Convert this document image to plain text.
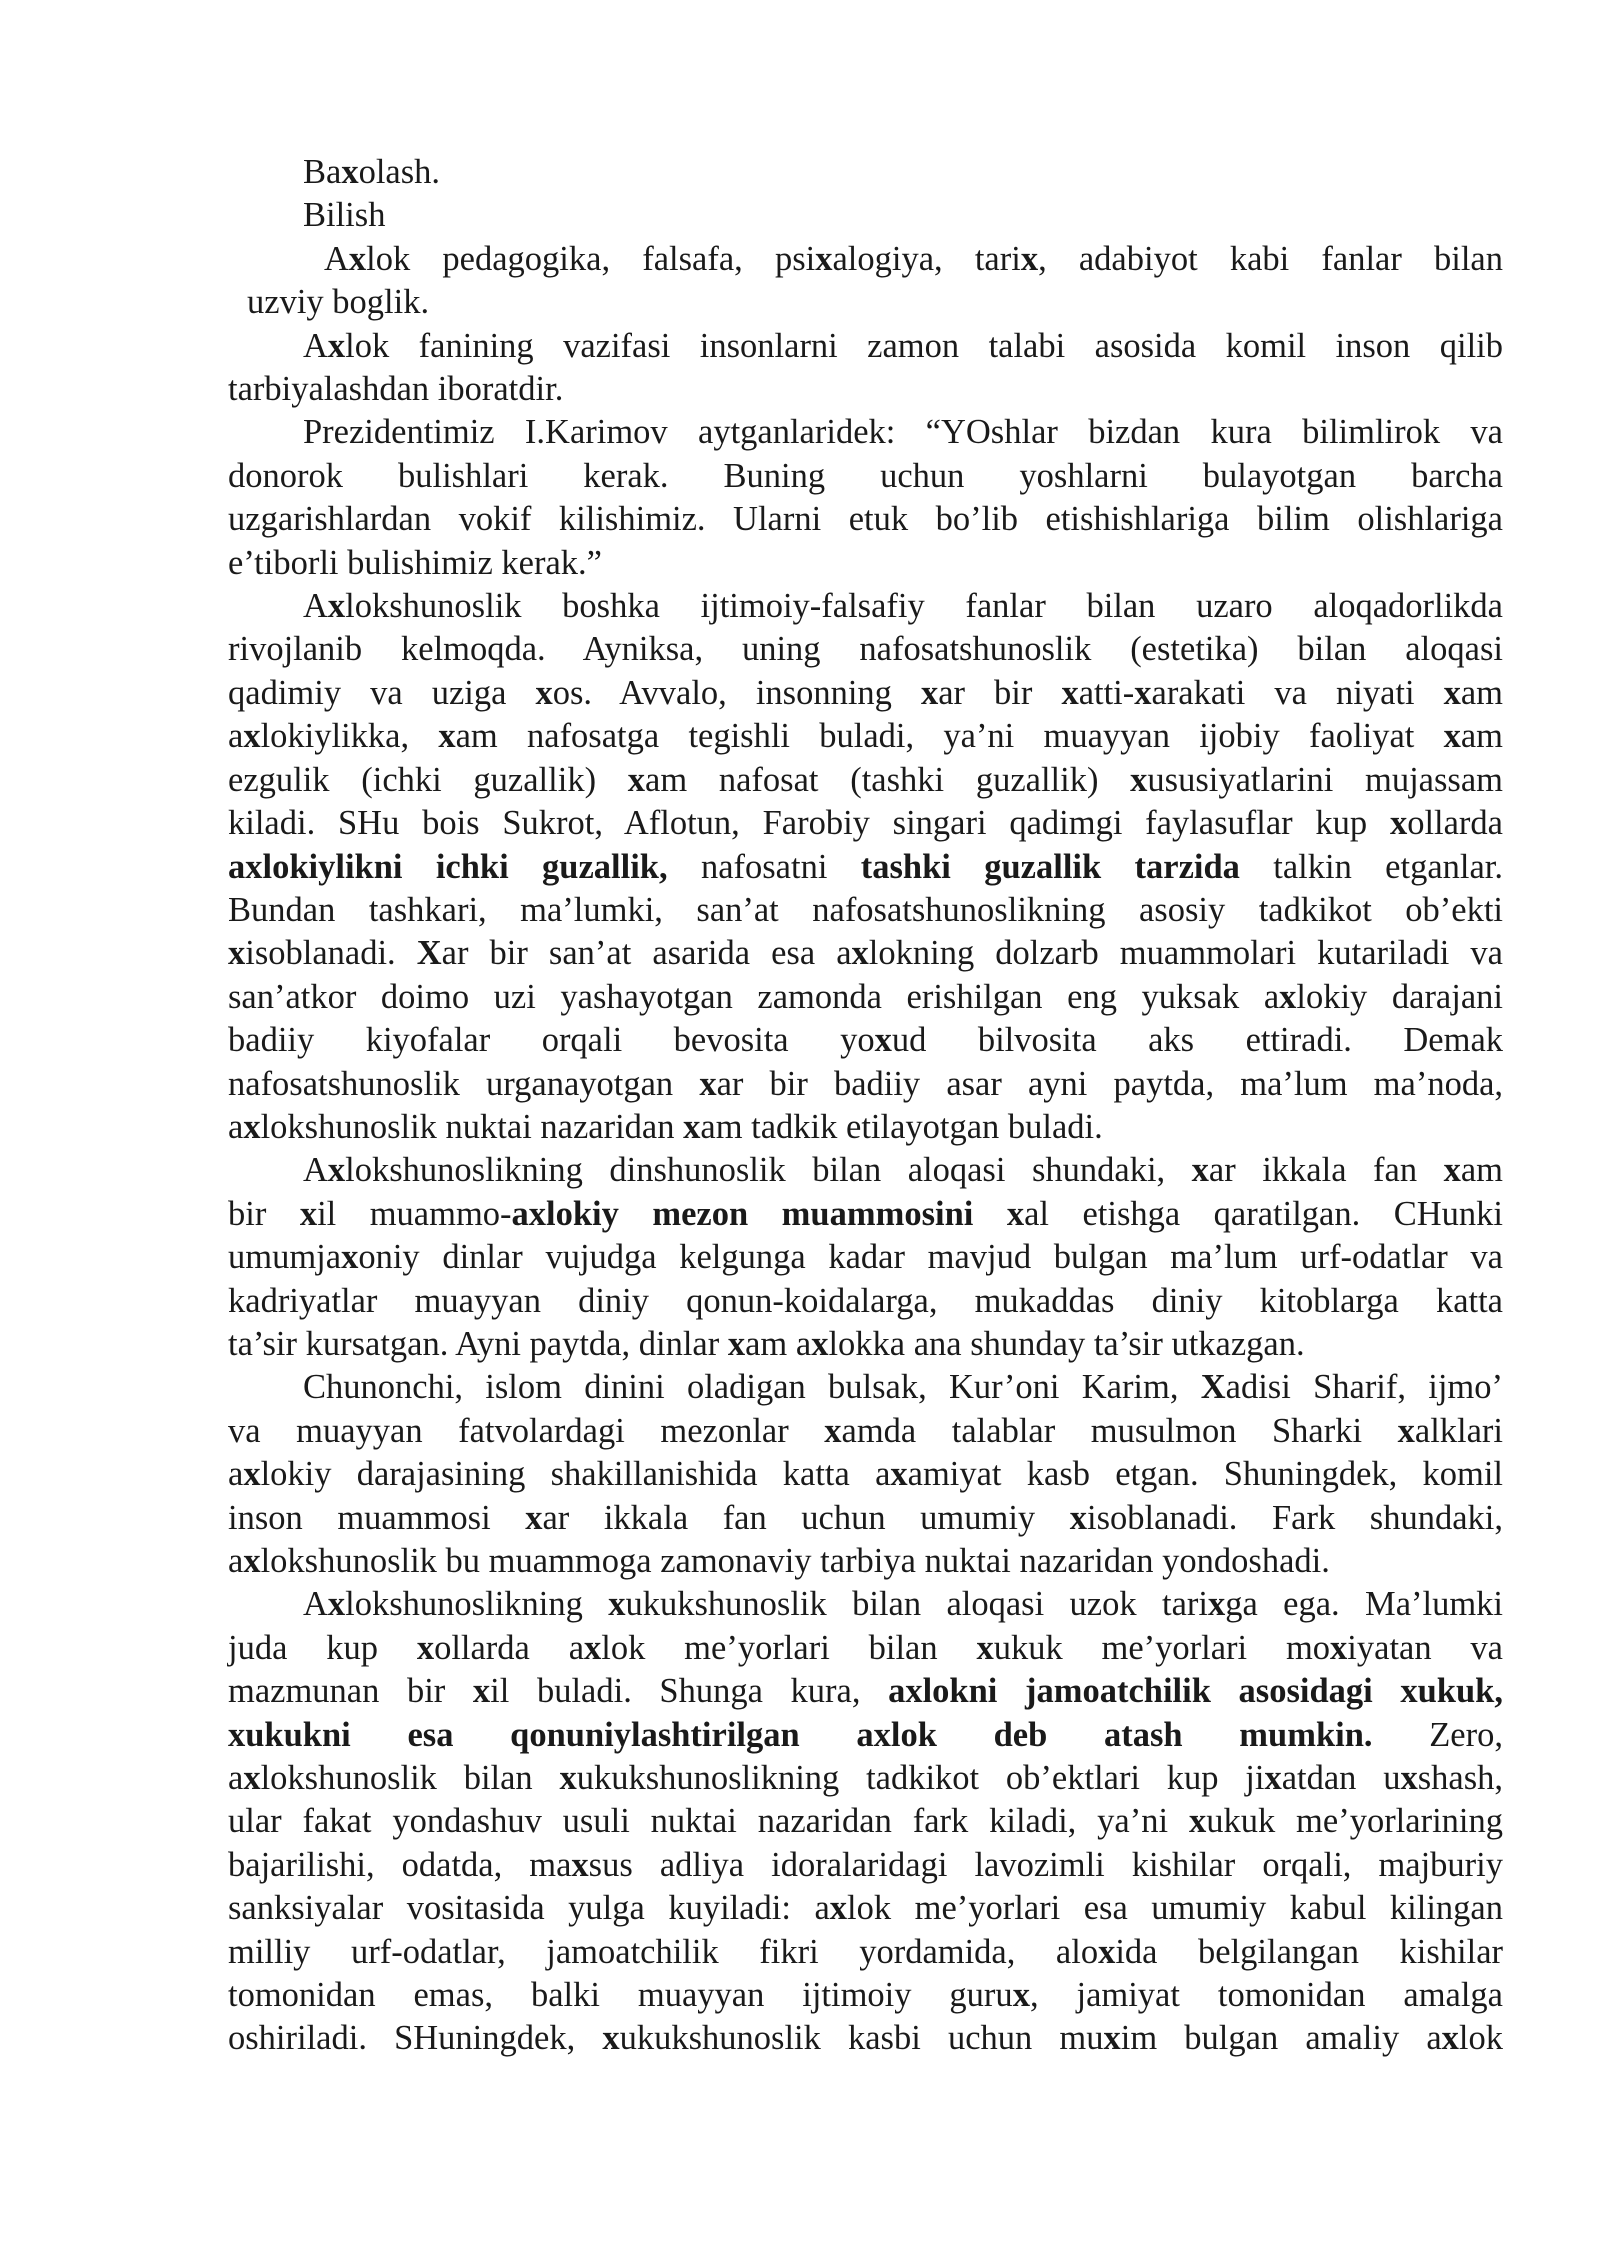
Baxolash.
Bilish
Axlok pedagogika, falsafa, psixalogiya, tarix, adabiyot kabi fanlar bilan
uzviy boglik.
Axlok fanining vazifasi insonlarni zamon talabi asosida komil inson qilib
tarbiyalashdan iboratdir.
Prezidentimiz I.Karimov aytganlaridek: “YOshlar bizdan kura bilimlirok va
donorok bulishlari kerak. Buning uchun yoshlarni bulayotgan barcha
uzgarishlardan vokif kilishimiz. Ularni etuk bo’lib etishishlariga bilim olishlariga
e’tiborli bulishimiz kerak.”
Axlokshunoslik boshka ijtimoiy-falsafiy fanlar bilan uzaro aloqadorlikda
rivojlanib kelmoqda. Ayniksa, uning nafosatshunoslik (estetika) bilan aloqasi
qadimiy va uziga xos. Avvalo, insonning xar bir xatti-xarakati va niyati xam
axlokiylikka, xam nafosatga tegishli buladi, ya’ni muayyan ijobiy faoliyat xam
ezgulik (ichki guzallik) xam nafosat (tashki guzallik) xususiyatlarini mujassam
kiladi. SHu bois Sukrot, Aflotun, Farobiy singari qadimgi faylasuflar kup xollarda
axlokiylikni ichki guzallik, nafosatni tashki guzallik tarzida talkin etganlar.
Bundan tashkari, ma’lumki, san’at nafosatshunoslikning asosiy tadkikot ob’ekti
xisoblanadi. Xar bir san’at asarida esa axlokning dolzarb muammolari kutariladi va
san’atkor doimo uzi yashayotgan zamonda erishilgan eng yuksak axlokiy darajani
badiiy kiyofalar orqali bevosita yoxud bilvosita aks ettiradi. Demak
nafosatshunoslik urganayotgan xar bir badiiy asar ayni paytda, ma’lum ma’noda,
axlokshunoslik nuktai nazaridan xam tadkik etilayotgan buladi.
Axlokshunoslikning dinshunoslik bilan aloqasi shundaki, xar ikkala fan xam
bir xil muammo-axlokiy mezon muammosini xal etishga qaratilgan. CHunki
umumjaxoniy dinlar vujudga kelgunga kadar mavjud bulgan ma’lum urf-odatlar va
kadriyatlar muayyan diniy qonun-koidalarga, mukaddas diniy kitoblarga katta
ta’sir kursatgan. Ayni paytda, dinlar xam axlokka ana shunday ta’sir utkazgan.
Chunonchi, islom dinini oladigan bulsak, Kur’oni Karim, Xadisi Sharif, ijmo’
va muayyan fatvolardagi mezonlar xamda talablar musulmon Sharki xalklari
axlokiy darajasining shakillanishida katta axamiyat kasb etgan. Shuningdek, komil
inson muammosi xar ikkala fan uchun umumiy xisoblanadi. Fark shundaki,
axlokshunoslik bu muammoga zamonaviy tarbiya nuktai nazaridan yondoshadi.
Axlokshunoslikning xukukshunoslik bilan aloqasi uzok tarixga ega. Ma’lumki
juda kup xollarda axlok me’yorlari bilan xukuk me’yorlari moxiyatan va
mazmunan bir xil buladi. Shunga kura, axlokni jamoatchilik asosidagi xukuk,
xukukni esa qonuniylashtirilgan axlok deb atash mumkin. Zero,
axlokshunoslik bilan xukukshunoslikning tadkikot ob’ektlari kup jixatdan uxshash,
ular fakat yondashuv usuli nuktai nazaridan fark kiladi, ya’ni xukuk me’yorlarining
bajarilishi, odatda, maxsus adliya idoralaridagi lavozimli kishilar orqali, majburiy
sanksiyalar vositasida yulga kuyiladi: axlok me’yorlari esa umumiy kabul kilingan
milliy urf-odatlar, jamoatchilik fikri yordamida, aloxida belgilangan kishilar
tomonidan emas, balki muayyan ijtimoiy gurux, jamiyat tomonidan amalga
oshiriladi. SHuningdek, xukukshunoslik kasbi uchun muxim bulgan amaliy axlok
